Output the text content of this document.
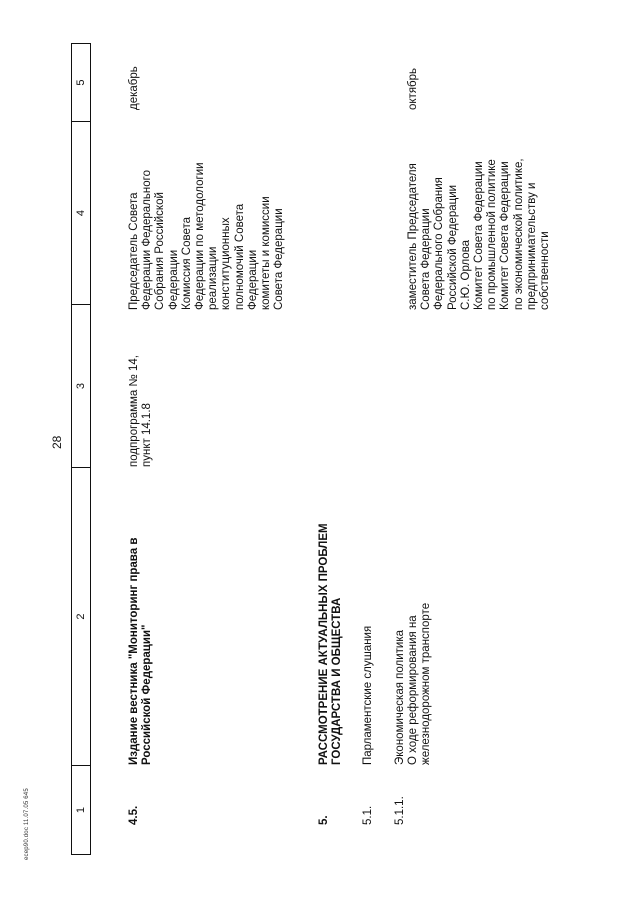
28
ecep90.doc 11.07.05 645	1
2
3
4
5
4.5.
Издание вестника "Мониторинг права в
Российской Федерации"
подпрограмма № 14,
пункт 14.1.8
Председатель Совета
Федерации Федерального
Собрания Российской
Федерации
Комиссия Совета
Федерации по методологии
реализации
конституционных
полномочий Совета
Федерации
комитеты и комиссии
Совета Федерации
декабрь
5.
РАССМОТРЕНИЕ АКТУАЛЬНЫХ ПРОБЛЕМ
ГОСУДАРСТВА И ОБЩЕСТВА
5.1.
Парламентские слушания
5.1.1.
Экономическая политика
О ходе реформирования на
железнодорожном транспорте
заместитель Председателя
Совета Федерации
Федерального Собрания
Российской Федерации
С.Ю. Орлова
Комитет Совета Федерации
по промышленной политике
Комитет Совета Федерации
по экономической политике,
предпринимательству и
собственности
октябрь
